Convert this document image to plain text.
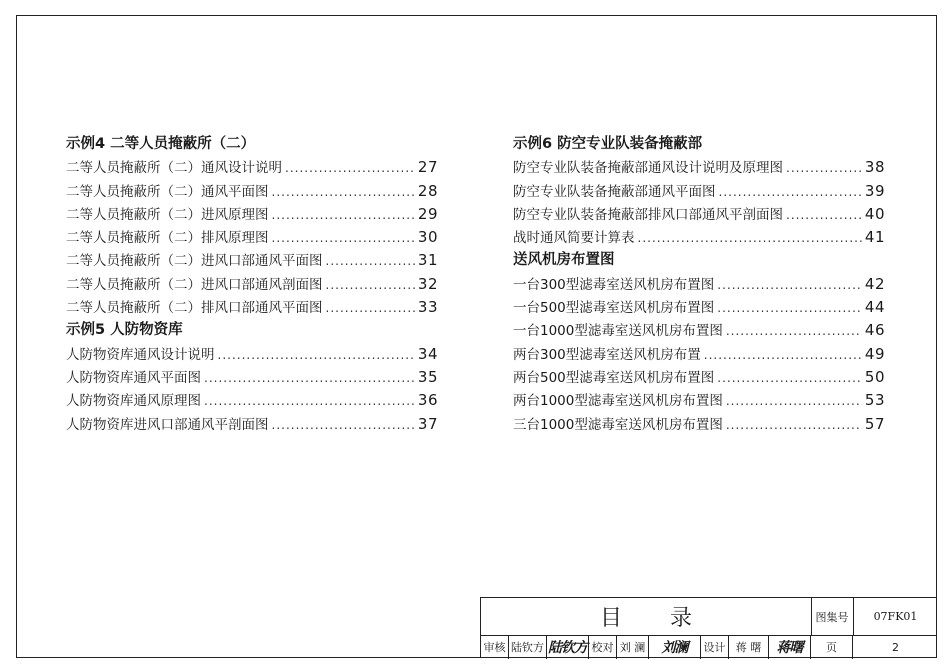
示例4 二等人员掩蔽所（二）
二等人员掩蔽所（二）通风设计说明 .....	27
二等人员掩蔽所（二）通风平面图 .....	28
二等人员掩蔽所（二）进风原理图 .....	29
二等人员掩蔽所（二）排风原理图 .....	30
二等人员掩蔽所（二）进风口部通风平面图 .....	31
二等人员掩蔽所（二）进风口部通风剖面图 .....	32
二等人员掩蔽所（二）排风口部通风平面图 .....	33
示例5 人防物资库
人防物资库通风设计说明 .....	34
人防物资库通风平面图 .....	35
人防物资库通风原理图 .....	36
人防物资库进风口部通风平剖面图 .....	37
示例6 防空专业队装备掩蔽部
防空专业队装备掩蔽部通风设计说明及原理图 .....	38
防空专业队装备掩蔽部通风平面图 .....	39
防空专业队装备掩蔽部排风口部通风平剖面图 .....	40
战时通风简要计算表 .....	41
送风机房布置图
一台300型滤毒室送风机房布置图 .....	42
一台500型滤毒室送风机房布置图 .....	44
一台1000型滤毒室送风机房布置图 .....	46
两台300型滤毒室送风机房布置 .....	49
两台500型滤毒室送风机房布置图 .....	50
两台1000型滤毒室送风机房布置图 .....	53
三台1000型滤毒室送风机房布置图 .....	57
目 录	图集号	07FK01
审核 陆钦方 陆钦方 校对 刘 澜	刘澜	设计 蒋 曙	蒋曙	页	2
